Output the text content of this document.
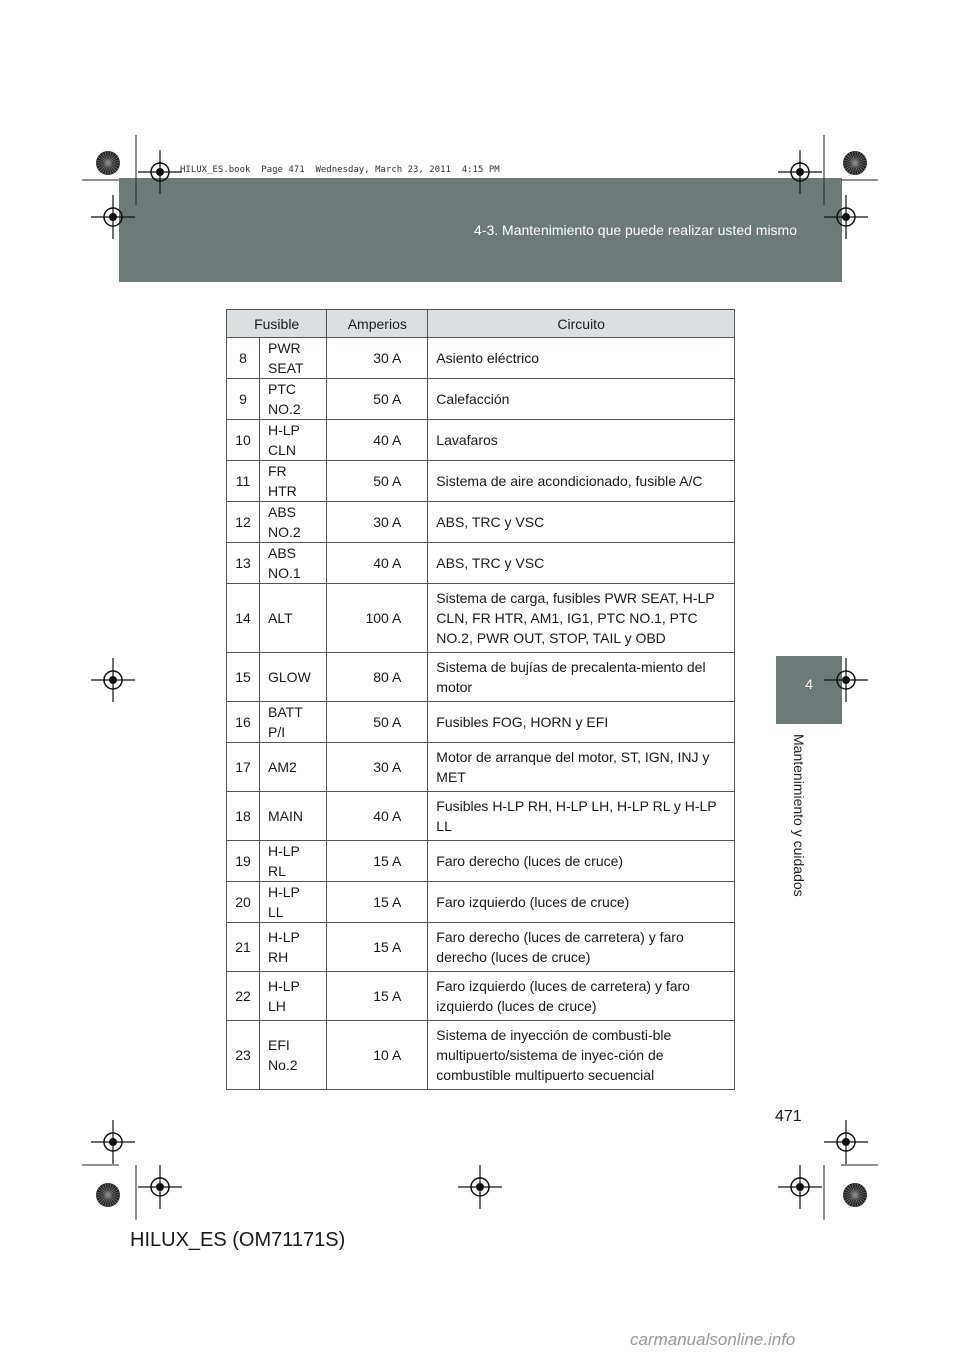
4-3. Mantenimiento que puede realizar usted mismo
HILUX_ES.book  Page 471  Wednesday, March 23, 2011  4:15 PM
4
Mantenimiento y cuidados
Fusible		Amperios	Circuito
8	PWR SEAT	30 A	Asiento eléctrico
9	PTC NO.2	50 A	Calefacción
10	H-LP CLN	40 A	Lavafaros
11	FR HTR	50 A	Sistema de aire acondicionado, fusible A/C
12	ABS NO.2	30 A	ABS, TRC y VSC
13	ABS NO.1	40 A	ABS, TRC y VSC
14	ALT	100 A	Sistema de carga, fusibles PWR SEAT, H-LP CLN, FR HTR, AM1, IG1, PTC NO.1, PTC NO.2, PWR OUT, STOP, TAIL y OBD
15	GLOW	80 A	Sistema de bujías de precalenta-miento del motor
16	BATT P/I	50 A	Fusibles FOG, HORN y EFI
17	AM2	30 A	Motor de arranque del motor, ST, IGN, INJ y MET
18	MAIN	40 A	Fusibles H-LP RH, H-LP LH, H-LP RL y H-LP LL
19	H-LP RL	15 A	Faro derecho (luces de cruce)
20	H-LP LL	15 A	Faro izquierdo (luces de cruce)
21	H-LP RH	15 A	Faro derecho (luces de carretera) y faro derecho (luces de cruce)
22	H-LP LH	15 A	Faro izquierdo (luces de carretera) y faro izquierdo (luces de cruce)
23	EFI No.2	10 A	Sistema de inyección de combusti-ble multipuerto/sistema de inyec-ción de combustible multipuerto secuencial
471
HILUX_ES (OM71171S)
carmanualsonline.info
